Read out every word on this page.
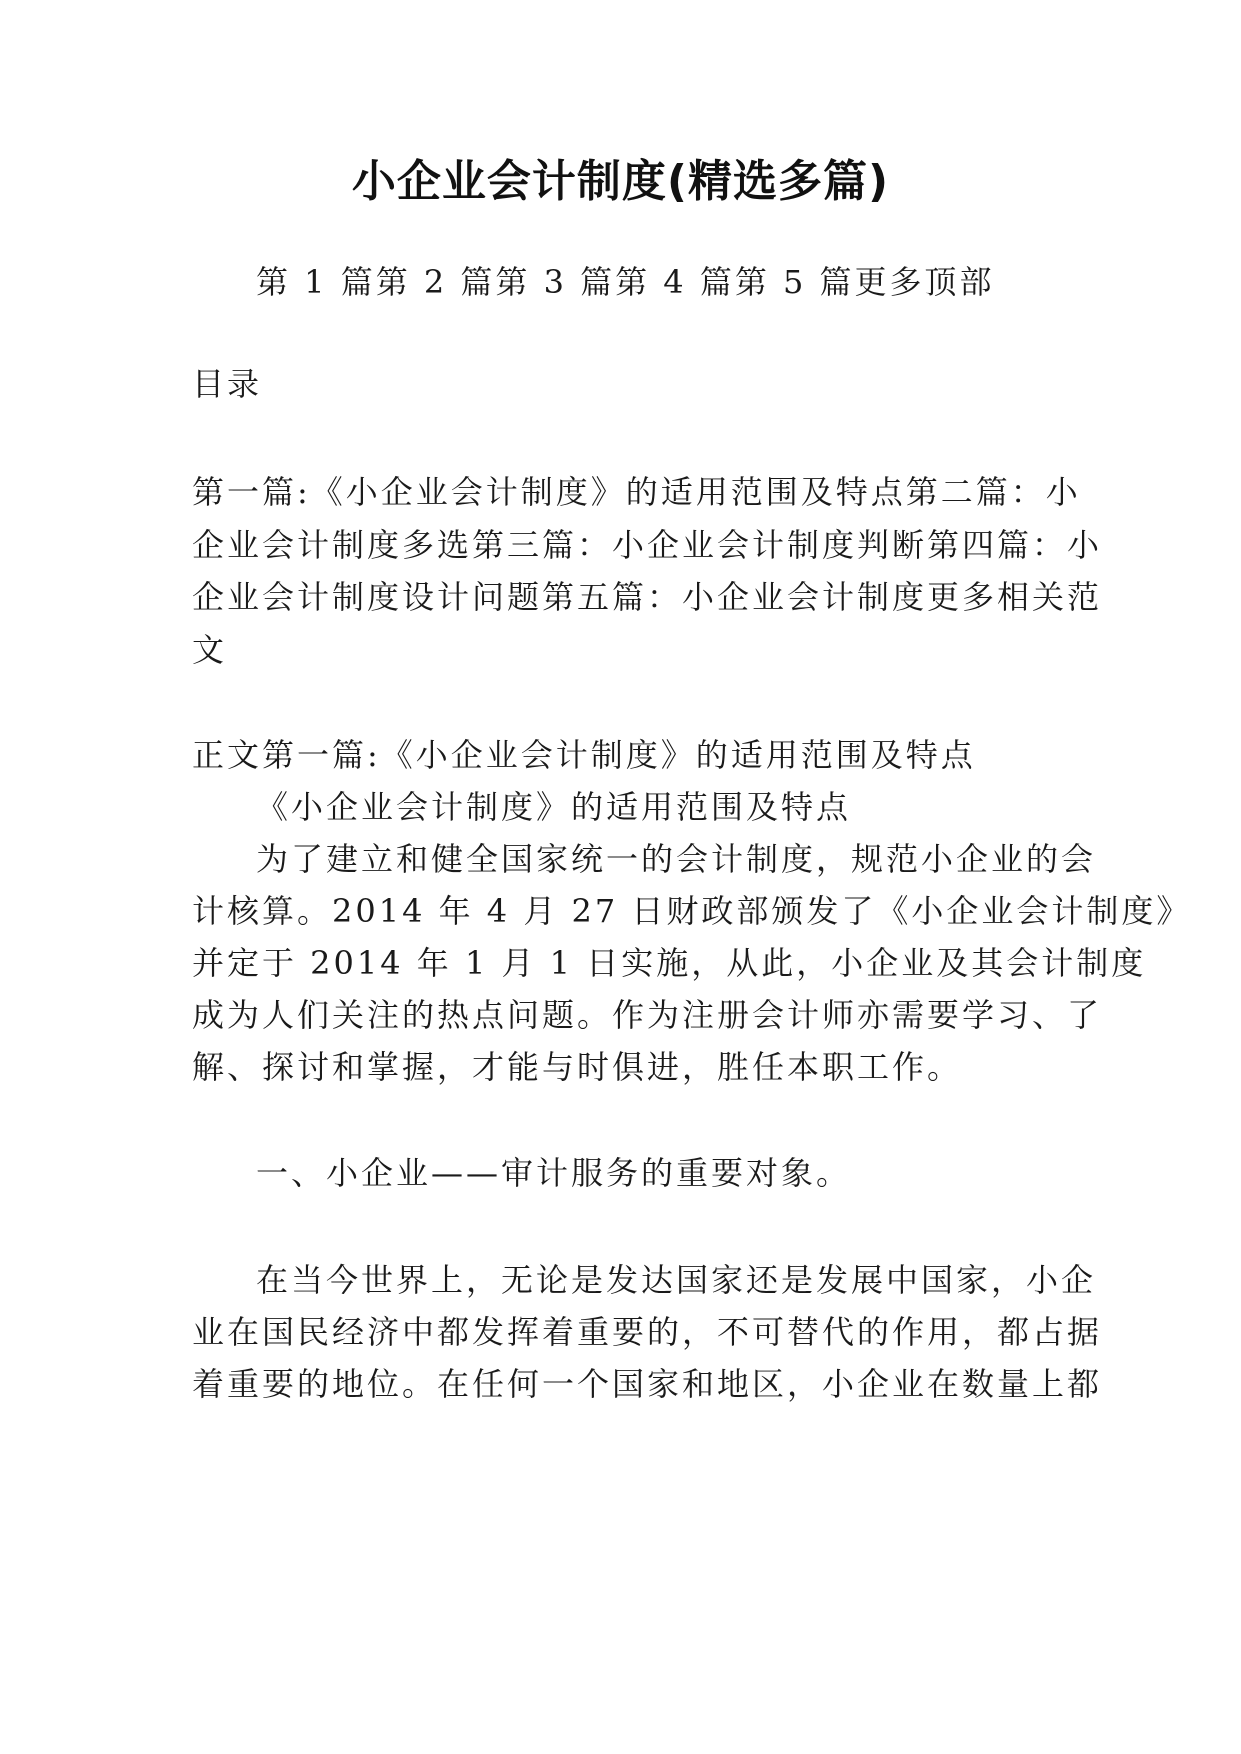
小企业会计制度(精选多篇)
第 1 篇第 2 篇第 3 篇第 4 篇第 5 篇更多顶部
目录
第一篇:《小企业会计制度》的适用范围及特点第二篇：小
企业会计制度多选第三篇：小企业会计制度判断第四篇：小
企业会计制度设计问题第五篇：小企业会计制度更多相关范
文
正文第一篇:《小企业会计制度》的适用范围及特点
《小企业会计制度》的适用范围及特点
为了建立和健全国家统一的会计制度，规范小企业的会
计核算。2014 年 4 月 27 日财政部颁发了《小企业会计制度》
并定于 2014 年 1 月 1 日实施，从此，小企业及其会计制度
成为人们关注的热点问题。作为注册会计师亦需要学习、了
解、探讨和掌握，才能与时俱进，胜任本职工作。
一、小企业——审计服务的重要对象。
在当今世界上，无论是发达国家还是发展中国家，小企
业在国民经济中都发挥着重要的，不可替代的作用，都占据
着重要的地位。在任何一个国家和地区，小企业在数量上都
